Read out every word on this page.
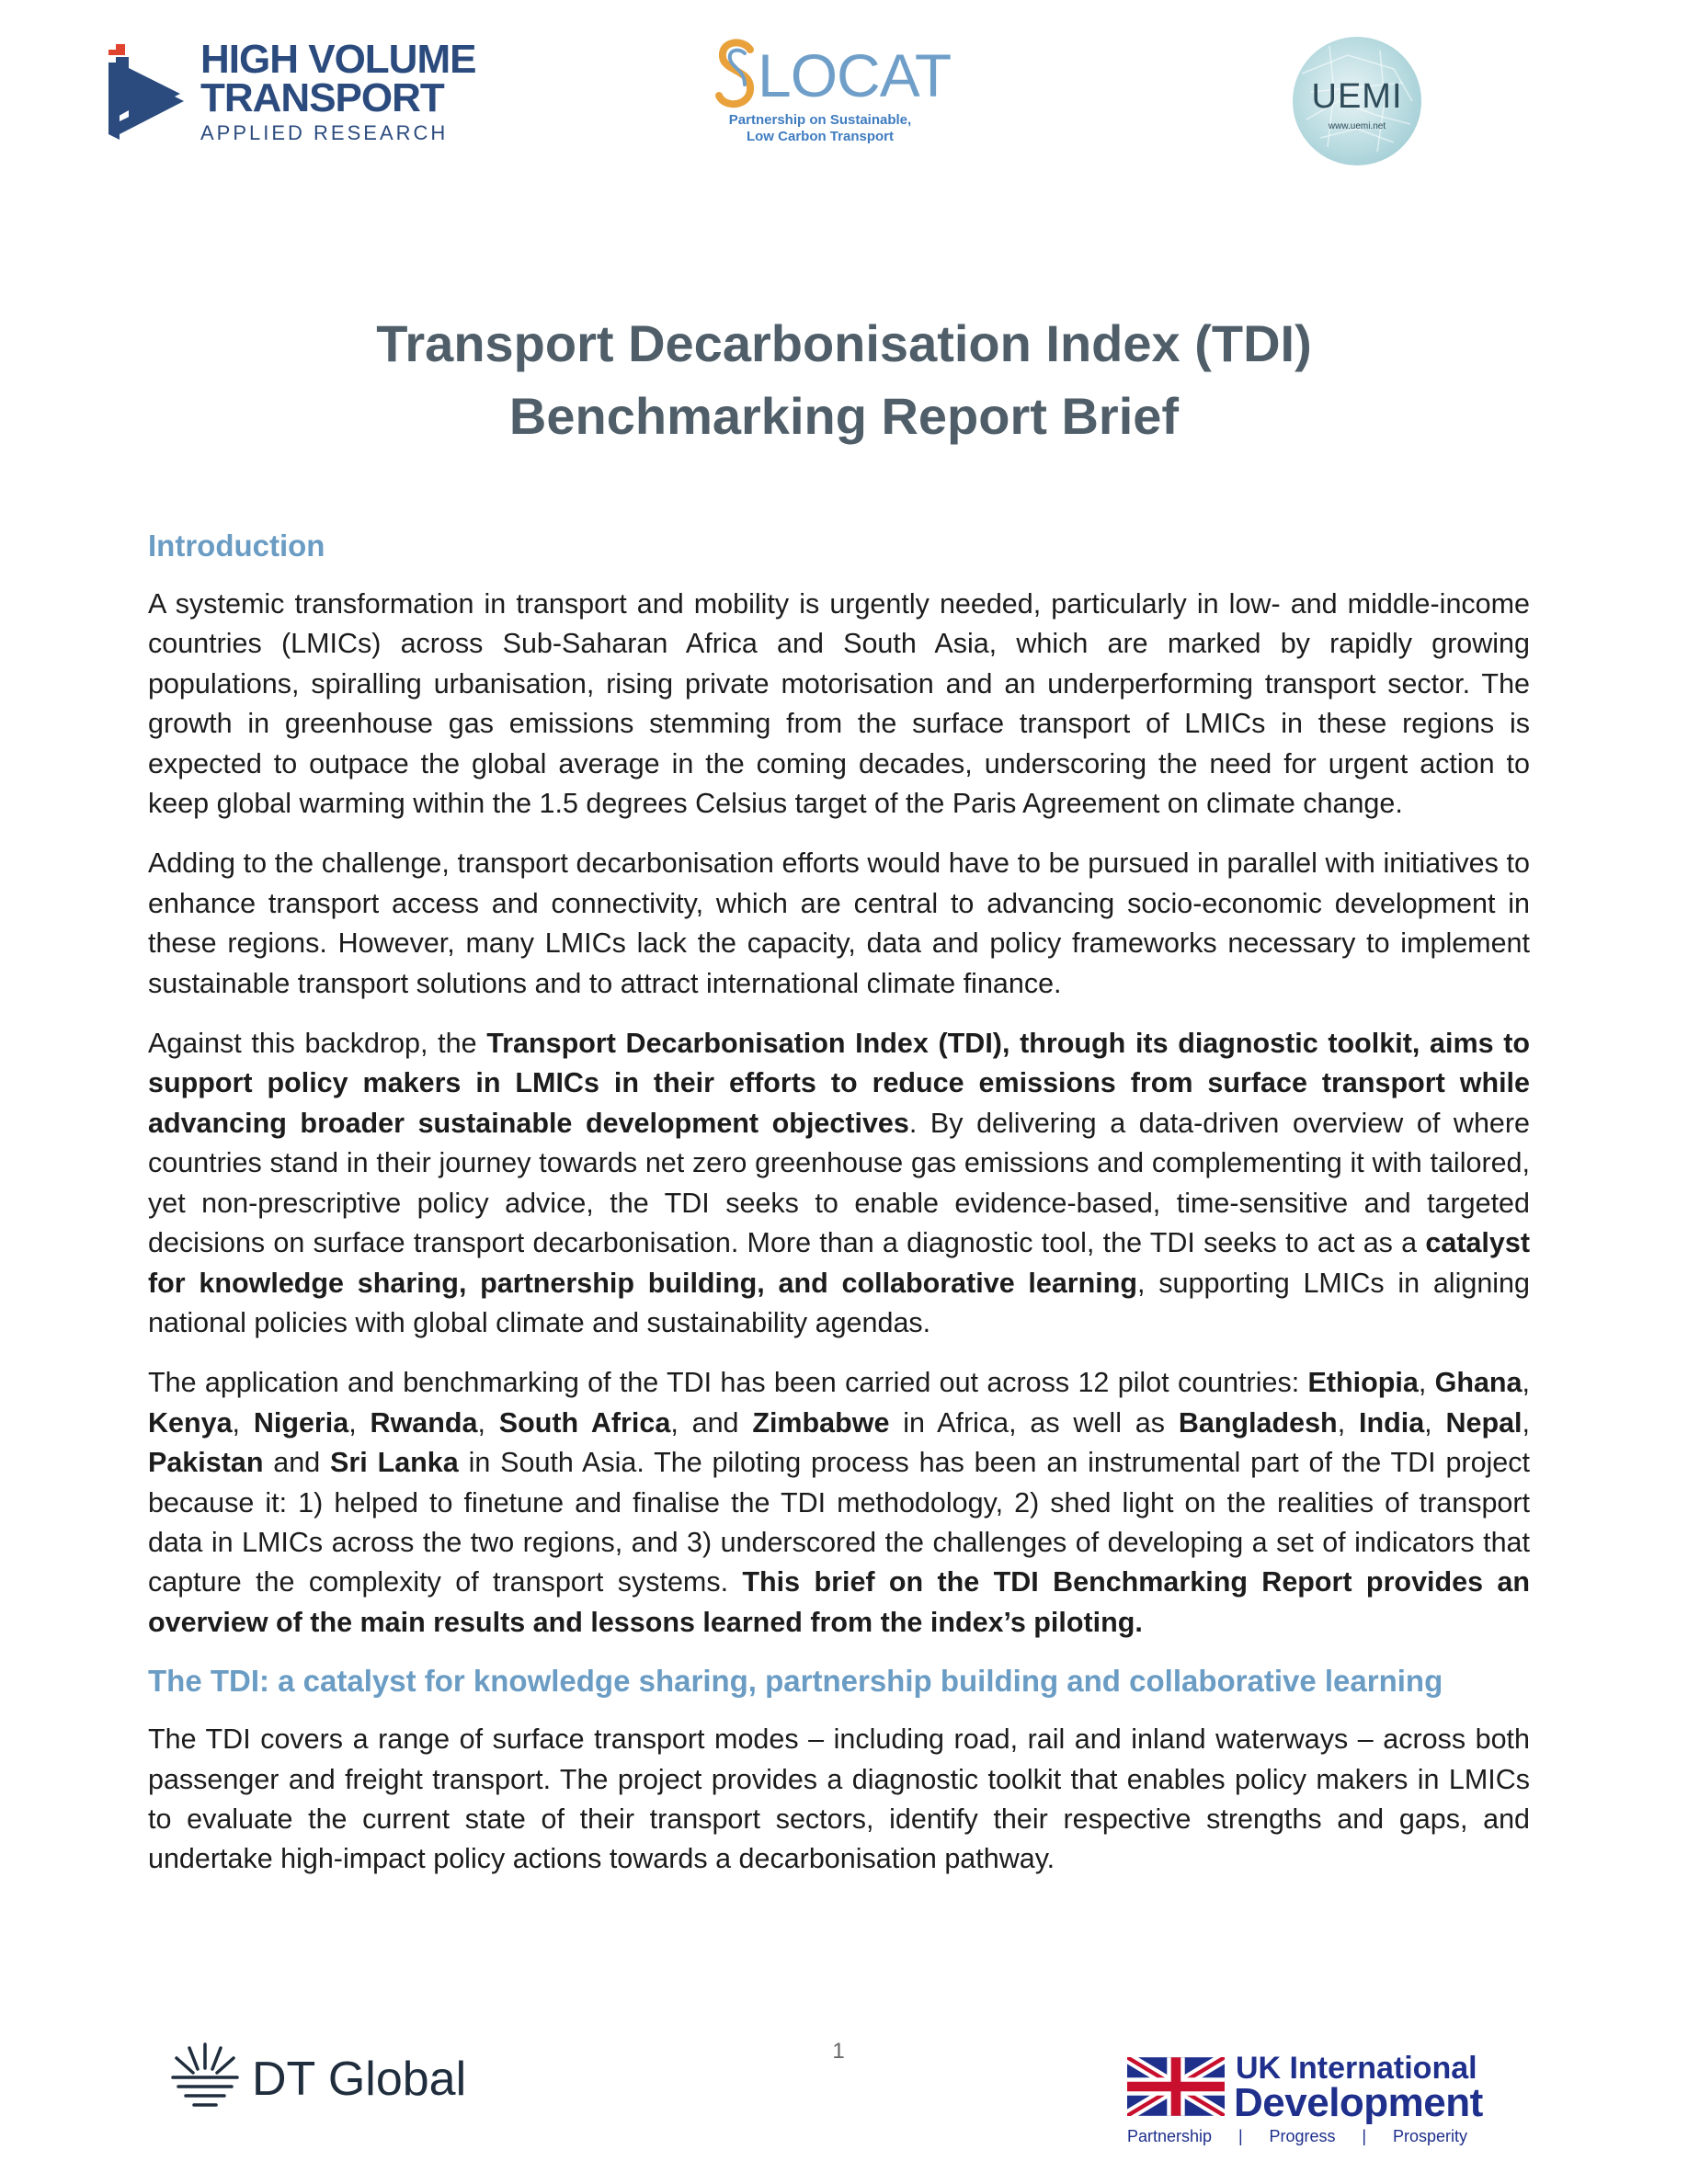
HIGH VOLUME
TRANSPORT
APPLIED RESEARCH
LOCAT
Partnership on Sustainable,
Low Carbon Transport
UEMI
www.uemi.net
Transport Decarbonisation Index (TDI)
Benchmarking Report Brief
Introduction

A systemic transformation in transport and mobility is urgently needed, particularly in low- and middle-income countries (LMICs) across Sub-Saharan Africa and South Asia, which are marked by rapidly growing populations, spiralling urbanisation, rising private motorisation and an underperforming transport sector. The growth in greenhouse gas emissions stemming from the surface transport of LMICs in these regions is expected to outpace the global average in the coming decades, underscoring the need for urgent action to keep global warming within the 1.5 degrees Celsius target of the Paris Agreement on climate change.

Adding to the challenge, transport decarbonisation efforts would have to be pursued in parallel with initiatives to enhance transport access and connectivity, which are central to advancing socio-economic development in these regions. However, many LMICs lack the capacity, data and policy frameworks necessary to implement sustainable transport solutions and to attract international climate finance.

Against this backdrop, the Transport Decarbonisation Index (TDI), through its diagnostic toolkit, aims to support policy makers in LMICs in their efforts to reduce emissions from surface transport while advancing broader sustainable development objectives. By delivering a data-driven overview of where countries stand in their journey towards net zero greenhouse gas emissions and complementing it with tailored, yet non-prescriptive policy advice, the TDI seeks to enable evidence-based, time-sensitive and targeted decisions on surface transport decarbonisation. More than a diagnostic tool, the TDI seeks to act as a catalyst for knowledge sharing, partnership building, and collaborative learning, supporting LMICs in aligning national policies with global climate and sustainability agendas.

The application and benchmarking of the TDI has been carried out across 12 pilot countries: Ethiopia, Ghana, Kenya, Nigeria, Rwanda, South Africa, and Zimbabwe in Africa, as well as Bangladesh, India, Nepal, Pakistan and Sri Lanka in South Asia. The piloting process has been an instrumental part of the TDI project because it: 1) helped to finetune and finalise the TDI methodology, 2) shed light on the realities of transport data in LMICs across the two regions, and 3) underscored the challenges of developing a set of indicators that capture the complexity of transport systems. This brief on the TDI Benchmarking Report provides an overview of the main results and lessons learned from the index’s piloting.

The TDI: a catalyst for knowledge sharing, partnership building and collaborative learning

The TDI covers a range of surface transport modes – including road, rail and inland waterways – across both passenger and freight transport. The project provides a diagnostic toolkit that enables policy makers in LMICs to evaluate the current state of their transport sectors, identify their respective strengths and gaps, and undertake high-impact policy actions towards a decarbonisation pathway.

1
DT Global	UK International
Development
Partnership | Progress | Prosperity
